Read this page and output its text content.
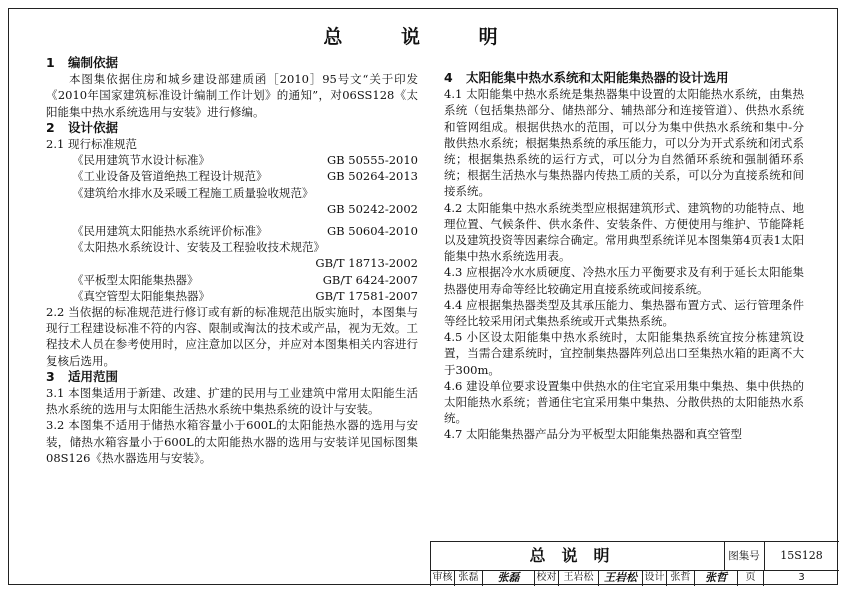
总 说 明

1 编制依据

本图集依据住房和城乡建设部建质函［2010］95号文“关于印发《2010年国家建筑标准设计编制工作计划》的通知”，对06SS128《太阳能集中热水系统选用与安装》进行修编。

2 设计依据

2.1 现行标准规范

《民用建筑节水设计标准》	GB 50555-2010
《工业设备及管道绝热工程设计规范》	GB 50264-2013
《建筑给水排水及采暖工程施工质量验收规范》

GB 50242-2002

《民用建筑太阳能热水系统评价标准》	GB 50604-2010
《太阳热水系统设计、安装及工程验收技术规范》

GB/T 18713-2002

《平板型太阳能集热器》	GB/T 6424-2007
《真空管型太阳能集热器》	GB/T 17581-2007

2.2 当依据的标准规范进行修订或有新的标准规范出版实施时，本图集与现行工程建设标准不符的内容、限制或淘汰的技术或产品，视为无效。工程技术人员在参考使用时，应注意加以区分，并应对本图集相关内容进行复核后选用。

3 适用范围

3.1 本图集适用于新建、改建、扩建的民用与工业建筑中常用太阳能生活热水系统的选用与太阳能生活热水系统中集热系统的设计与安装。

3.2 本图集不适用于储热水箱容量小于600L的太阳能热水器的选用与安装，储热水箱容量小于600L的太阳能热水器的选用与安装详见国标图集08S126《热水器选用与安装》。

4 太阳能集中热水系统和太阳能集热器的设计选用

4.1 太阳能集中热水系统是集热器集中设置的太阳能热水系统，由集热系统（包括集热部分、储热部分、辅热部分和连接管道）、供热水系统和管网组成。根据供热水的范围，可以分为集中供热水系统和集中-分散供热水系统；根据集热系统的承压能力，可以分为开式系统和闭式系统；根据集热系统的运行方式，可以分为自然循环系统和强制循环系统；根据生活热水与集热器内传热工质的关系，可以分为直接系统和间接系统。

4.2 太阳能集中热水系统类型应根据建筑形式、建筑物的功能特点、地理位置、气候条件、供水条件、安装条件、方便使用与维护、节能降耗以及建筑投资等因素综合确定。常用典型系统详见本图集第4页表1太阳能集中热水系统选用表。

4.3 应根据冷水水质硬度、冷热水压力平衡要求及有利于延长太阳能集热器使用寿命等经比较确定用直接系统或间接系统。

4.4 应根据集热器类型及其承压能力、集热器布置方式、运行管理条件等经比较采用闭式集热系统或开式集热系统。

4.5 小区设太阳能集中热水系统时，太阳能集热系统宜按分栋建筑设置，当需合建系统时，宜控制集热器阵列总出口至集热水箱的距离不大于300m。

4.6 建设单位要求设置集中供热水的住宅宜采用集中集热、集中供热的太阳能热水系统；普通住宅宜采用集中集热、分散供热的太阳能热水系统。

4.7 太阳能集热器产品分为平板型太阳能集热器和真空管型

总说明	图集号	15S128
审核 张磊	张磊	校对 王岩松 王岩松 设计 张哲	张哲	页	3
